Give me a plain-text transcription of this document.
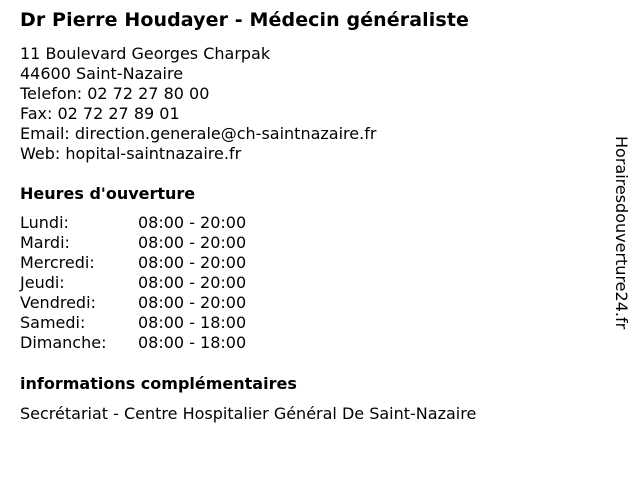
Dr Pierre Houdayer - Médecin généraliste
11 Boulevard Georges Charpak
44600 Saint-Nazaire
Telefon: 02 72 27 80 00
Fax: 02 72 27 89 01
Email: direction.generale@ch-saintnazaire.fr
Web: hopital-saintnazaire.fr
Heures d'ouverture
Lundi:	08:00 - 20:00
Mardi:	08:00 - 20:00
Mercredi:	08:00 - 20:00
Jeudi:	08:00 - 20:00
Vendredi:	08:00 - 20:00
Samedi:	08:00 - 18:00
Dimanche:	08:00 - 18:00
informations complémentaires
Secrétariat - Centre Hospitalier Général De Saint-Nazaire
Horairesdouverture24.fr
